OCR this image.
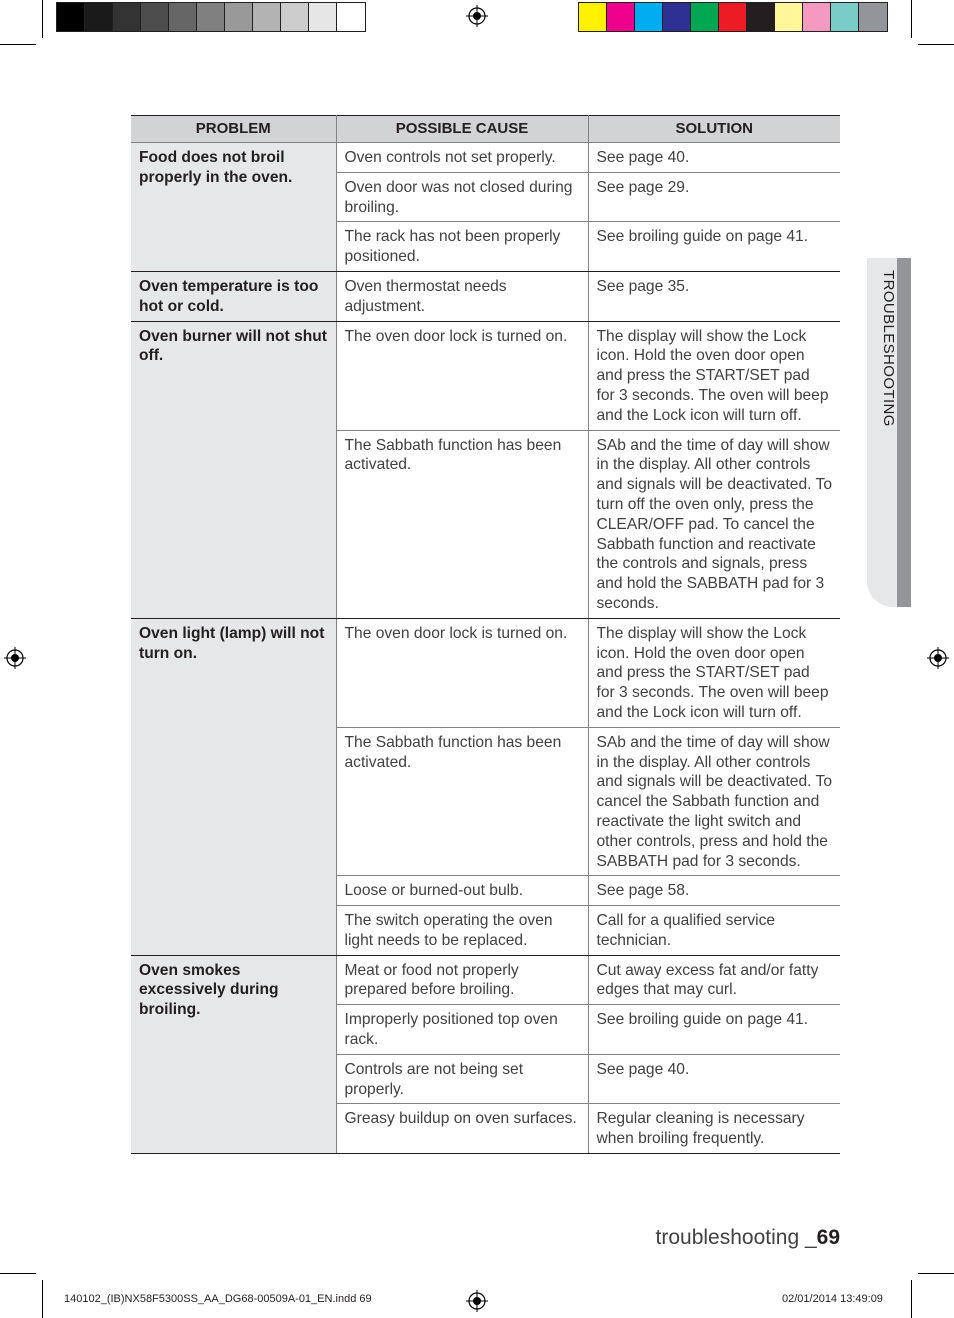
PROBLEM	POSSIBLE CAUSE	SOLUTION
Food does not broil properly in the oven.	Oven controls not set properly.	See page 40.
	Oven door was not closed during broiling.	See page 29.
	The rack has not been properly positioned.	See broiling guide on page 41.
Oven temperature is too hot or cold.	Oven thermostat needs adjustment.	See page 35.
Oven burner will not shut off.	The oven door lock is turned on.	The display will show the Lock icon. Hold the oven door open and press the START/SET pad for 3 seconds. The oven will beep and the Lock icon will turn off.
	The Sabbath function has been activated.	SAb and the time of day will show in the display. All other controls and signals will be deactivated. To turn off the oven only, press the CLEAR/OFF pad. To cancel the Sabbath function and reactivate the controls and signals, press and hold the SABBATH pad for 3 seconds.
Oven light (lamp) will not turn on.	The oven door lock is turned on.	The display will show the Lock icon. Hold the oven door open and press the START/SET pad for 3 seconds. The oven will beep and the Lock icon will turn off.
	The Sabbath function has been activated.	SAb and the time of day will show in the display. All other controls and signals will be deactivated. To cancel the Sabbath function and reactivate the light switch and other controls, press and hold the SABBATH pad for 3 seconds.
	Loose or burned-out bulb.	See page 58.
	The switch operating the oven light needs to be replaced.	Call for a qualified service technician.
Oven smokes excessively during broiling.	Meat or food not properly prepared before broiling.	Cut away excess fat and/or fatty edges that may curl.
	Improperly positioned top oven rack.	See broiling guide on page 41.
	Controls are not being set properly.	See page 40.
	Greasy buildup on oven surfaces.	Regular cleaning is necessary when broiling frequently.
TROUBLESHOOTING
troubleshooting _69
140102_(IB)NX58F5300SS_AA_DG68-00509A-01_EN.indd 69	02/01/2014 13:49:09
